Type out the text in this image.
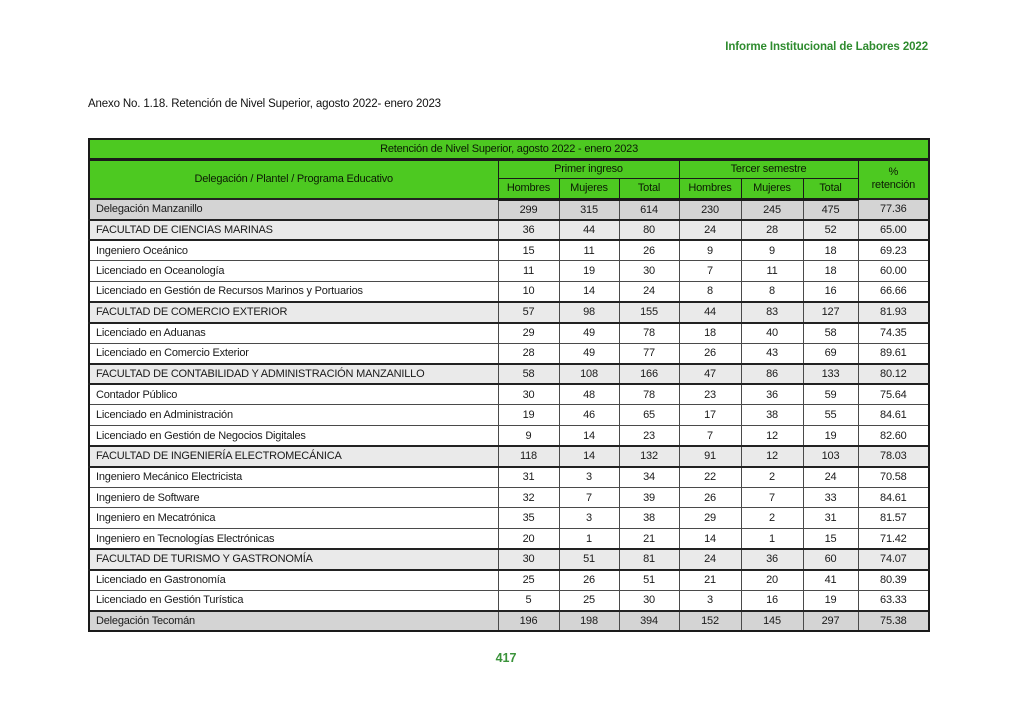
Informe Institucional de Labores 2022
Anexo No. 1.18. Retención de Nivel Superior, agosto 2022- enero 2023
Retención de Nivel Superior, agosto 2022 - enero 2023							
Delegación / Plantel / Programa Educativo	Primer ingreso			Tercer semestre			%
retención
	Hombres	Mujeres	Total	Hombres	Mujeres	Total	
Delegación Manzanillo	299	315	614	230	245	475	77.36
FACULTAD DE CIENCIAS MARINAS	36	44	80	24	28	52	65.00
Ingeniero Oceánico	15	11	26	9	9	18	69.23
Licenciado en Oceanología	11	19	30	7	11	18	60.00
Licenciado en Gestión de Recursos Marinos y Portuarios	10	14	24	8	8	16	66.66
FACULTAD DE COMERCIO EXTERIOR	57	98	155	44	83	127	81.93
Licenciado en Aduanas	29	49	78	18	40	58	74.35
Licenciado en Comercio Exterior	28	49	77	26	43	69	89.61
FACULTAD DE CONTABILIDAD Y ADMINISTRACIÓN MANZANILLO	58	108	166	47	86	133	80.12
Contador Público	30	48	78	23	36	59	75.64
Licenciado en Administración	19	46	65	17	38	55	84.61
Licenciado en Gestión de Negocios Digitales	9	14	23	7	12	19	82.60
FACULTAD DE INGENIERÍA ELECTROMECÁNICA	118	14	132	91	12	103	78.03
Ingeniero Mecánico Electricista	31	3	34	22	2	24	70.58
Ingeniero de Software	32	7	39	26	7	33	84.61
Ingeniero en Mecatrónica	35	3	38	29	2	31	81.57
Ingeniero en Tecnologías Electrónicas	20	1	21	14	1	15	71.42
FACULTAD DE TURISMO Y GASTRONOMÍA	30	51	81	24	36	60	74.07
Licenciado en Gastronomía	25	26	51	21	20	41	80.39
Licenciado en Gestión Turística	5	25	30	3	16	19	63.33
Delegación Tecomán	196	198	394	152	145	297	75.38
417
